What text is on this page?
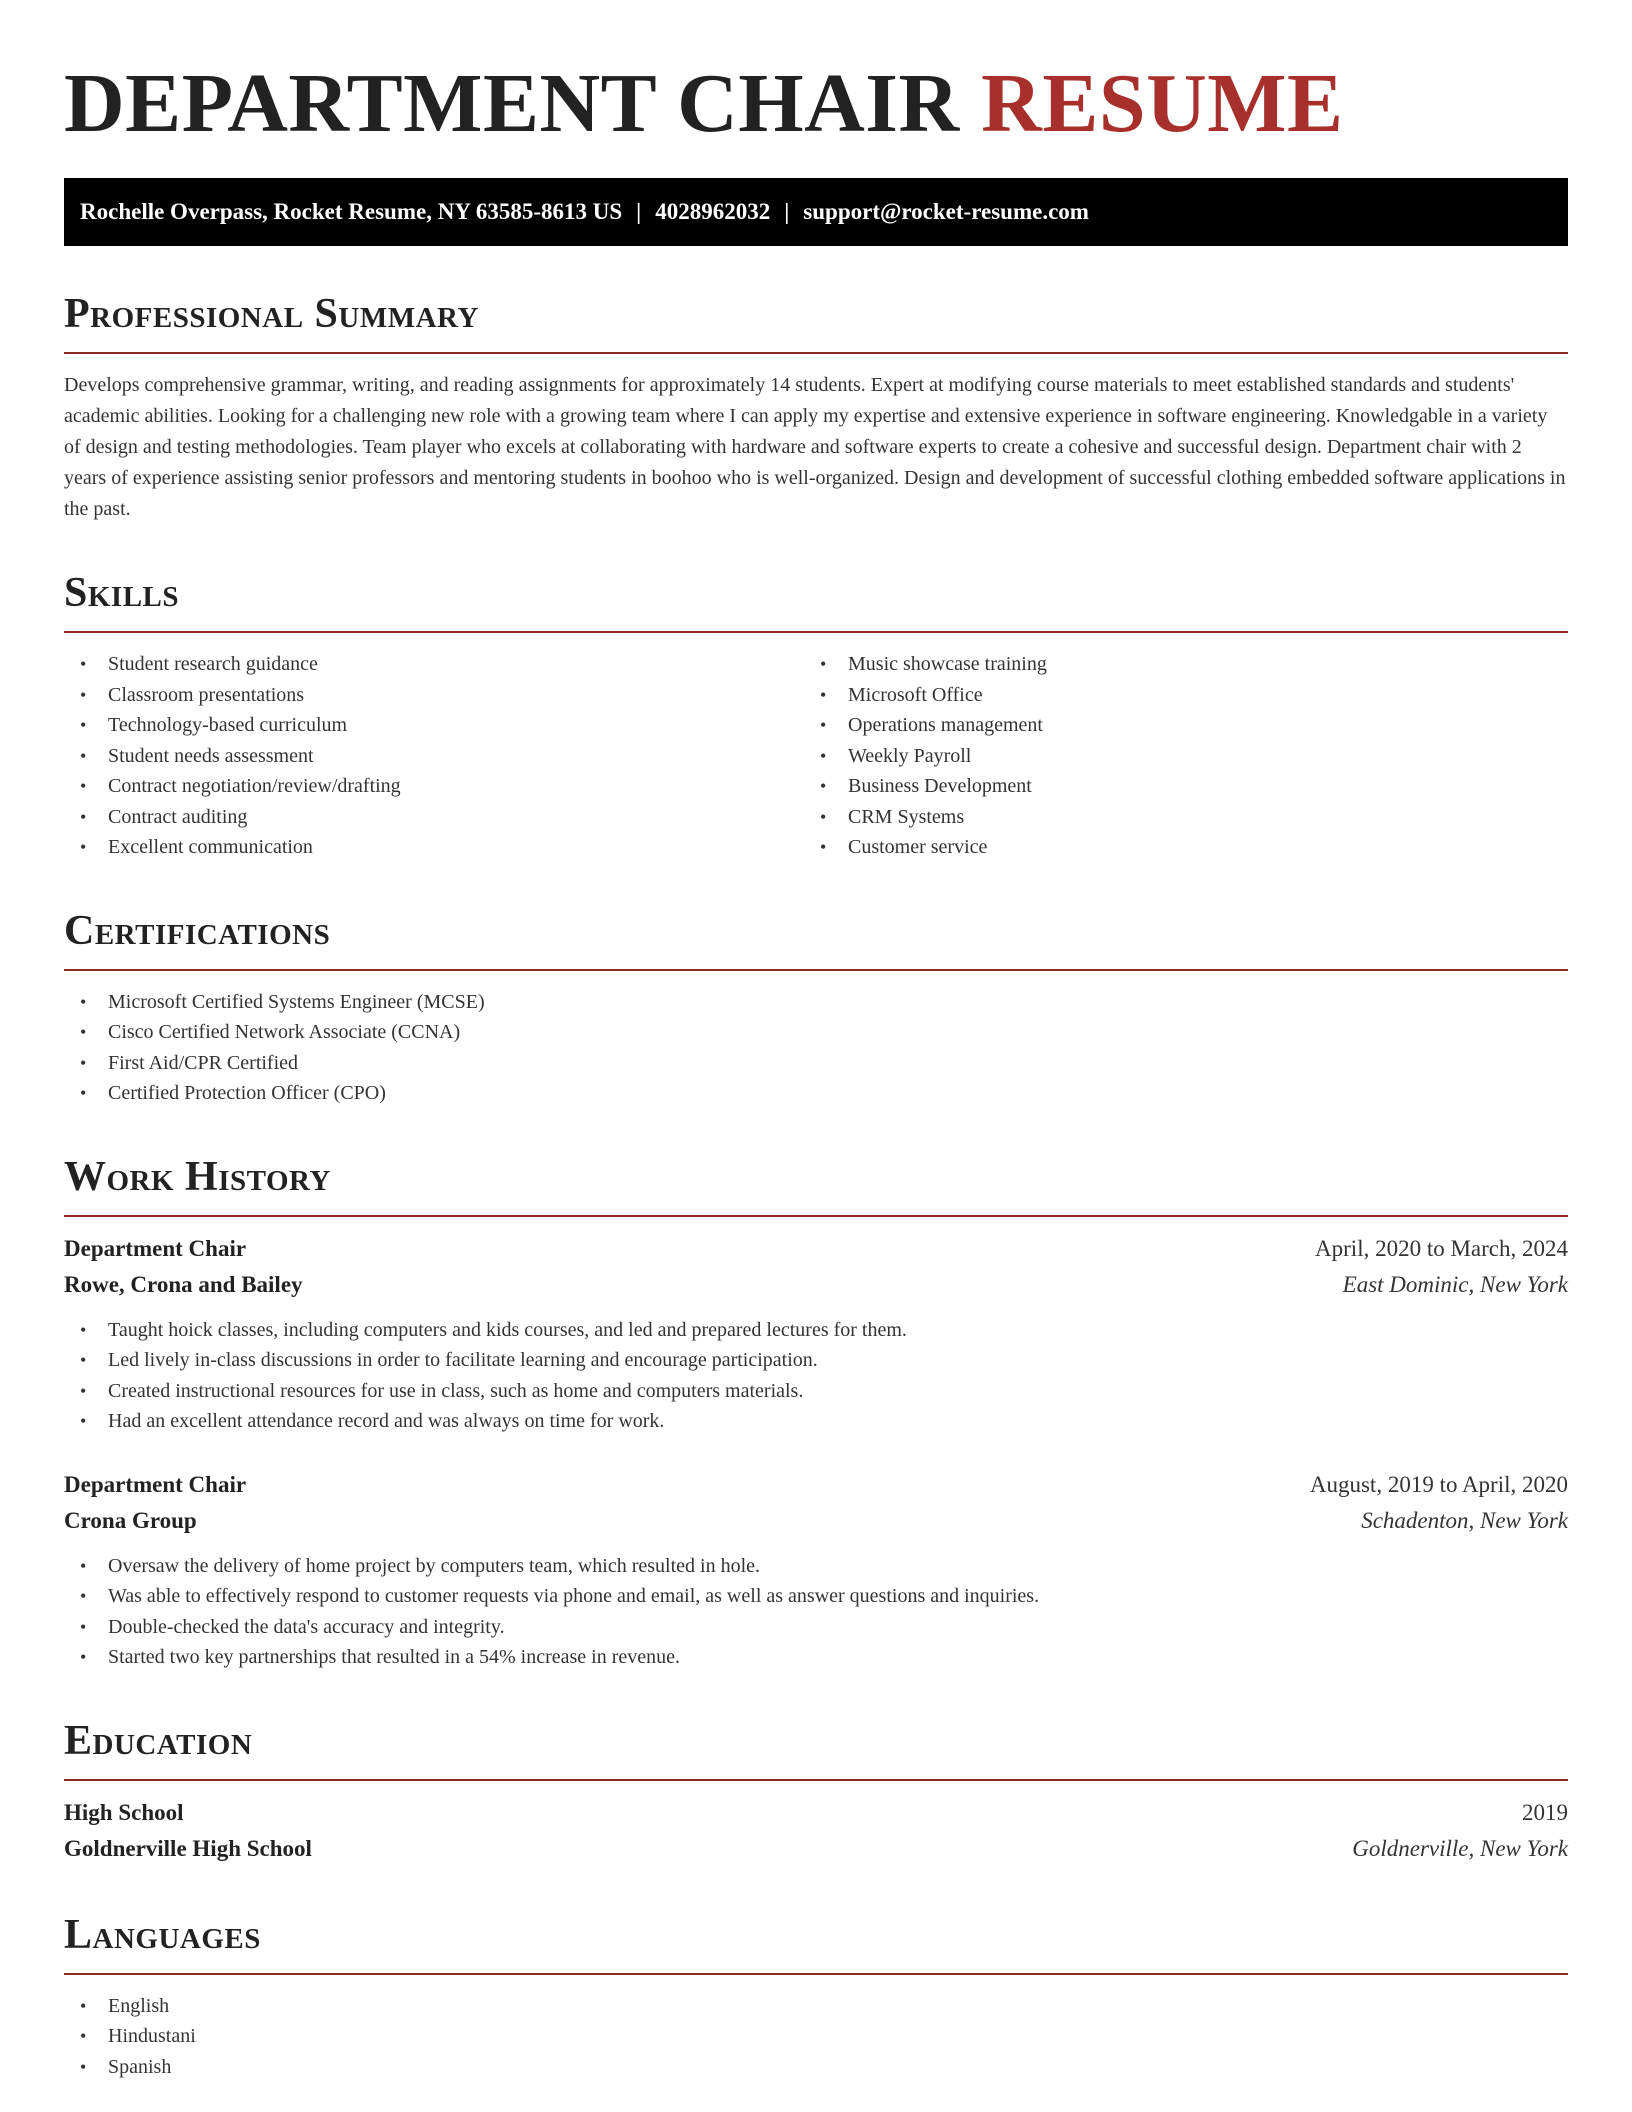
DEPARTMENT CHAIR RESUME
Rochelle Overpass, Rocket Resume, NY 63585-8613 US | 4028962032 | support@rocket-resume.com
Professional Summary

Develops comprehensive grammar, writing, and reading assignments for approximately 14 students. Expert at modifying course materials to meet established standards and students' academic abilities. Looking for a challenging new role with a growing team where I can apply my expertise and extensive experience in software engineering. Knowledgable in a variety of design and testing methodologies. Team player who excels at collaborating with hardware and software experts to create a cohesive and successful design. Department chair with 2 years of experience assisting senior professors and mentoring students in boohoo who is well-organized. Design and development of successful clothing embedded software applications in the past.

Skills
• Student research guidance
• Classroom presentations
• Technology-based curriculum
• Student needs assessment
• Contract negotiation/review/drafting
• Contract auditing
• Excellent communication
• Music showcase training
• Microsoft Office
• Operations management
• Weekly Payroll
• Business Development
• CRM Systems
• Customer service
Certifications
• Microsoft Certified Systems Engineer (MCSE)
• Cisco Certified Network Associate (CCNA)
• First Aid/CPR Certified
• Certified Protection Officer (CPO)
Work History
Department Chair	April, 2020 to March, 2024
Rowe, Crona and Bailey	East Dominic, New York
• Taught hoick classes, including computers and kids courses, and led and prepared lectures for them.
• Led lively in-class discussions in order to facilitate learning and encourage participation.
• Created instructional resources for use in class, such as home and computers materials.
• Had an excellent attendance record and was always on time for work.
Department Chair	August, 2019 to April, 2020
Crona Group	Schadenton, New York
• Oversaw the delivery of home project by computers team, which resulted in hole.
• Was able to effectively respond to customer requests via phone and email, as well as answer questions and inquiries.
• Double-checked the data's accuracy and integrity.
• Started two key partnerships that resulted in a 54% increase in revenue.
Education
High School	2019
Goldnerville High School	Goldnerville, New York
Languages
• English
• Hindustani
• Spanish
